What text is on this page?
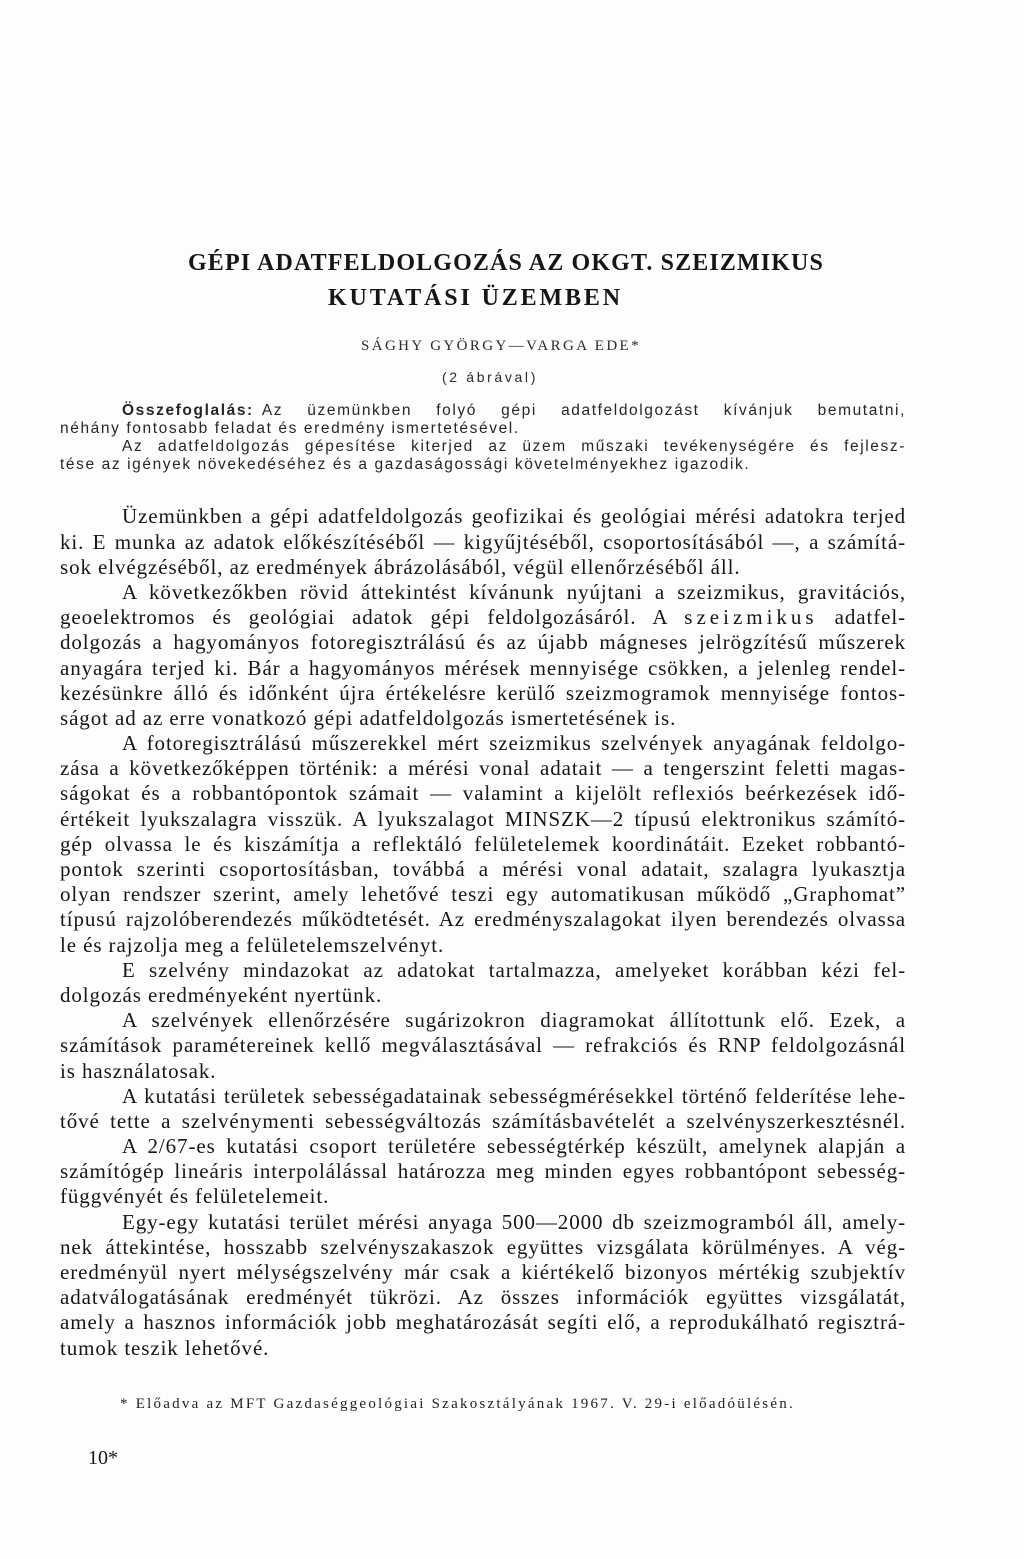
GÉPI ADATFELDOLGOZÁS AZ OKGT. SZEIZMIKUS
KUTATÁSI ÜZEMBEN
SÁGHY GYÖRGY—VARGA EDE*
(2 ábrával)
Összefoglalás: Az üzemünkben folyó gépi adatfeldolgozást kívánjuk bemutatni,
néhány fontosabb feladat és eredmény ismertetésével.
Az adatfeldolgozás gépesítése kiterjed az üzem műszaki tevékenységére és fejlesz-
tése az igények növekedéséhez és a gazdaságossági követelményekhez igazodik.
Üzemünkben a gépi adatfeldolgozás geofizikai és geológiai mérési adatokra terjed
ki. E munka az adatok előkészítéséből — kigyűjtéséből, csoportosításából —, a számítá-
sok elvégzéséből, az eredmények ábrázolásából, végül ellenőrzéséből áll.
A következőkben rövid áttekintést kívánunk nyújtani a szeizmikus, gravitációs,
geoelektromos és geológiai adatok gépi feldolgozásáról. A szeizmikus adatfel-
dolgozás a hagyományos fotoregisztrálású és az újabb mágneses jelrögzítésű műszerek
anyagára terjed ki. Bár a hagyományos mérések mennyisége csökken, a jelenleg rendel-
kezésünkre álló és időnként újra értékelésre kerülő szeizmogramok mennyisége fontos-
ságot ad az erre vonatkozó gépi adatfeldolgozás ismertetésének is.
A fotoregisztrálású műszerekkel mért szeizmikus szelvények anyagának feldolgo-
zása a következőképpen történik: a mérési vonal adatait — a tengerszint feletti magas-
ságokat és a robbantópontok számait — valamint a kijelölt reflexiós beérkezések idő-
értékeit lyukszalagra visszük. A lyukszalagot MINSZK—2 típusú elektronikus számító-
gép olvassa le és kiszámítja a reflektáló felületelemek koordinátáit. Ezeket robbantó-
pontok szerinti csoportosításban, továbbá a mérési vonal adatait, szalagra lyukasztja
olyan rendszer szerint, amely lehetővé teszi egy automatikusan működő „Graphomat”
típusú rajzolóberendezés működtetését. Az eredményszalagokat ilyen berendezés olvassa
le és rajzolja meg a felületelemszelvényt.
E szelvény mindazokat az adatokat tartalmazza, amelyeket korábban kézi fel-
dolgozás eredményeként nyertünk.
A szelvények ellenőrzésére sugárizokron diagramokat állítottunk elő. Ezek, a
számítások paramétereinek kellő megválasztásával — refrakciós és RNP feldolgozásnál
is használatosak.
A kutatási területek sebességadatainak sebességmérésekkel történő felderítése lehe-
tővé tette a szelvénymenti sebességváltozás számításbavételét a szelvényszerkesztésnél.
A 2/67-es kutatási csoport területére sebességtérkép készült, amelynek alapján a
számítógép lineáris interpolálással határozza meg minden egyes robbantópont sebesség-
függvényét és felületelemeit.
Egy-egy kutatási terület mérési anyaga 500—2000 db szeizmogramból áll, amely-
nek áttekintése, hosszabb szelvényszakaszok együttes vizsgálata körülményes. A vég-
eredményül nyert mélységszelvény már csak a kiértékelő bizonyos mértékig szubjektív
adatválogatásának eredményét tükrözi. Az összes információk együttes vizsgálatát,
amely a hasznos információk jobb meghatározását segíti elő, a reprodukálható regisztrá-
tumok teszik lehetővé.
* Előadva az MFT Gazdaséggeológiai Szakosztályának 1967. V. 29-i előadóülésén.
10*
